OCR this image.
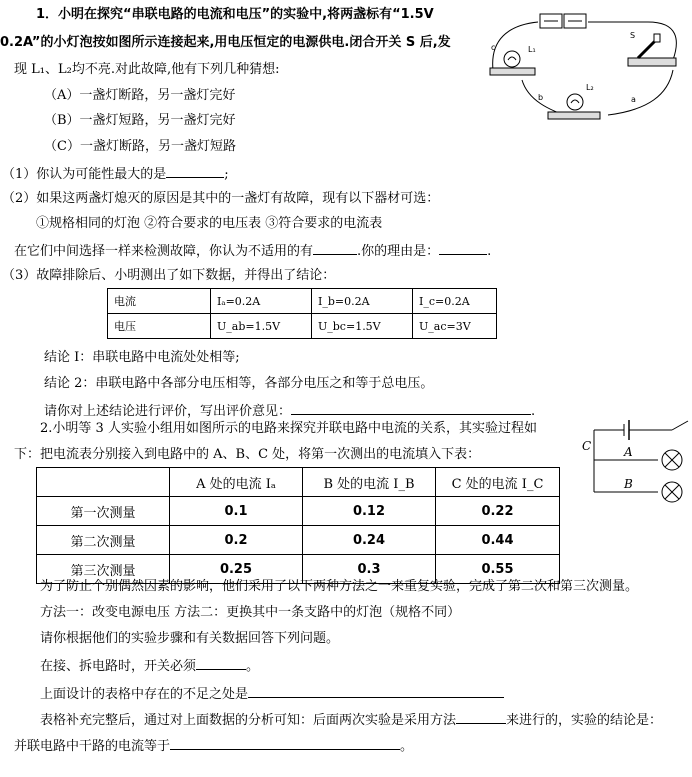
1．小明在探究“串联电路的电流和电压”的实验中,将两盏标有“1.5V
0.2A”的小灯泡按如图所示连接起来,用电压恒定的电源供电.闭合开关 S 后,发
现 L₁、L₂均不亮.对此故障,他有下列几种猜想:
（A）一盏灯断路，另一盏灯完好
（B）一盏灯短路，另一盏灯完好
（C）一盏灯断路，另一盏灯短路
（1）你认为可能性最大的是	;
（2）如果这两盏灯熄灭的原因是其中的一盏灯有故障，现有以下器材可选：
①规格相同的灯泡 ②符合要求的电压表 ③符合要求的电流表
在它们中间选择一样来检测故障，你认为不适用的有	.你的理由是：	.
（3）故障排除后、小明测出了如下数据，并得出了结论：
电流	Iₐ=0.2A	I_b=0.2A	I_c=0.2A
电压	U_ab=1.5V	U_bc=1.5V	U_ac=3V
结论 I：串联电路中电流处处相等;
结论 2：串联电路中各部分电压相等，各部分电压之和等于总电压。
请你对上述结论进行评价，写出评价意见：	.
2.小明等 3 人实验小组用如图所示的电路来探究并联电路中电流的关系，其实验过程如
下：把电流表分别接入到电路中的 A、B、C 处，将第一次测出的电流填入下表：
	A 处的电流 Iₐ	B 处的电流 I_B	C 处的电流 I_C
第一次测量	0.1	0.12	0.22
第二次测量	0.2	0.24	0.44
第三次测量	0.25	0.3	0.55
为了防止个别偶然因素的影响，他们采用了以下两种方法之一来重复实验，完成了第二次和第三次测量。
方法一：改变电源电压 方法二：更换其中一条支路中的灯泡（规格不同）
请你根据他们的实验步骤和有关数据回答下列问题。
在接、拆电路时，开关必须	。
上面设计的表格中存在的不足之处是
表格补充完整后，通过对上面数据的分析可知：后面两次实验是采用方法	来进行的，实验的结论是：
并联电路中干路的电流等于	。
L₁
L₂
S
a
b
c
C	A
B
